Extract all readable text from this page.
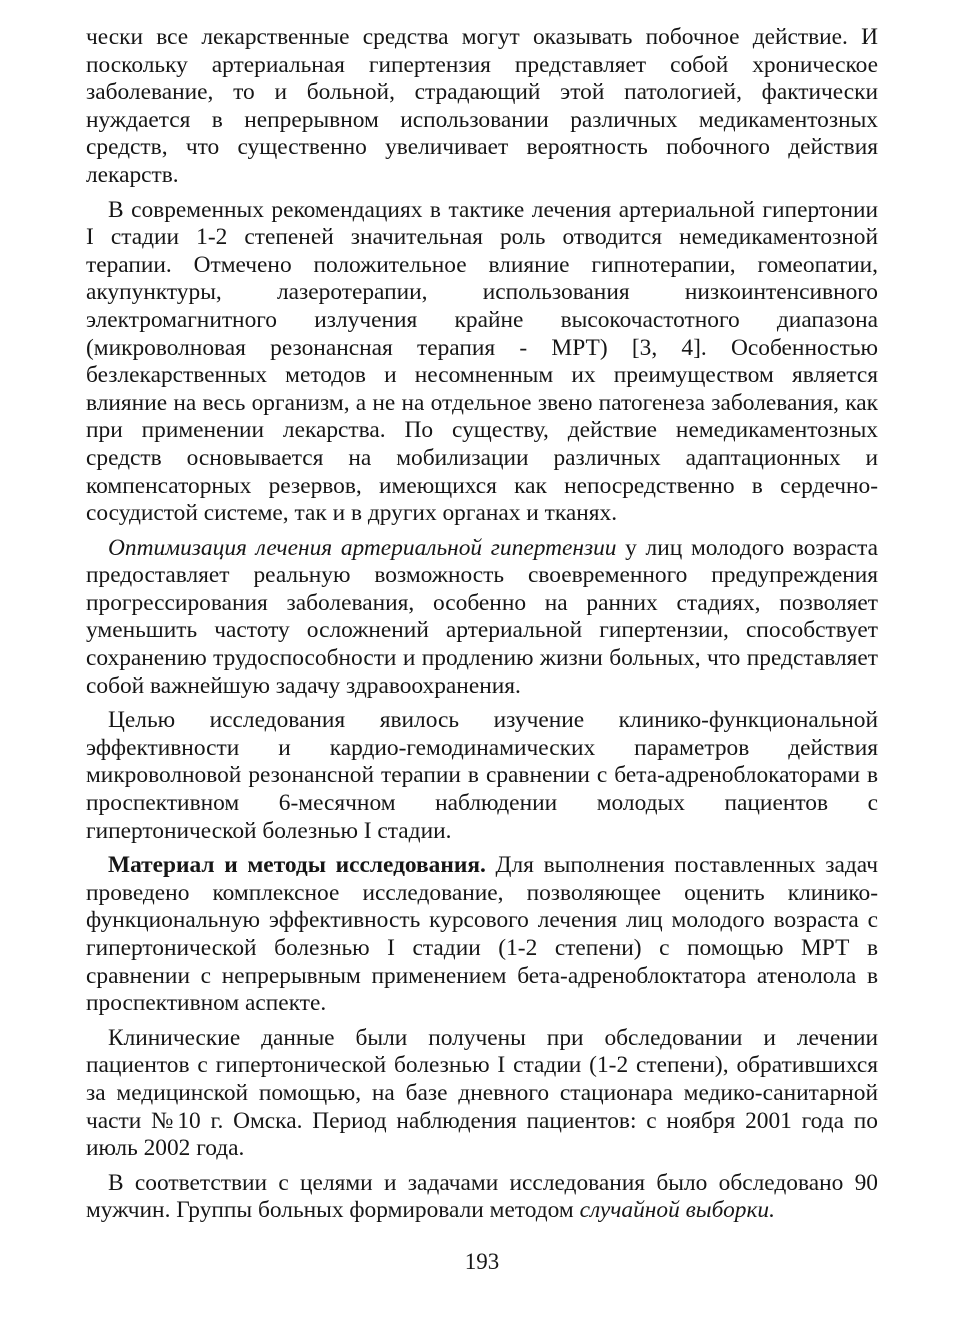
чески все лекарственные средства могут оказывать побочное действие. И поскольку артериальная гипертензия представляет собой хроническое заболевание, то и больной, страдающий этой патологией, фактически нуждается в непрерывном использовании различных медикаментозных средств, что существенно увеличивает вероятность побочного действия лекарств.

В современных рекомендациях в тактике лечения артериальной гипертонии I стадии 1-2 степеней значительная роль отводится немедикаментозной терапии. Отмечено положительное влияние гипнотерапии, гомеопатии, акупунктуры, лазеротерапии, использования низкоинтенсивного электромагнитного излучения крайне высокочастотного диапазона (микроволновая резонансная терапия - МРТ) [3, 4]. Особенностью безлекарственных методов и несомненным их преимуществом является влияние на весь организм, а не на отдельное звено патогенеза заболевания, как при применении лекарства. По существу, действие немедикаментозных средств основывается на мобилизации различных адаптационных и компенсаторных резервов, имеющихся как непосредственно в сердечно-сосудистой системе, так и в других органах и тканях.

Оптимизация лечения артериальной гипертензии у лиц молодого возраста предоставляет реальную возможность своевременного предупреждения прогрессирования заболевания, особенно на ранних стадиях, позволяет уменьшить частоту осложнений артериальной гипертензии, способствует сохранению трудоспособности и продлению жизни больных, что представляет собой важнейшую задачу здравоохранения.

Целью исследования явилось изучение клинико-функциональной эффективности и кардио-гемодинамических параметров действия микроволновой резонансной терапии в сравнении с бета-адреноблокаторами в проспективном 6-месячном наблюдении молодых пациентов с гипертонической болезнью I стадии.

Материал и методы исследования. Для выполнения поставленных задач проведено комплексное исследование, позволяющее оценить клинико-функциональную эффективность курсового лечения лиц молодого возраста с гипертонической болезнью I стадии (1-2 степени) с помощью МРТ в сравнении с непрерывным применением бета-адреноблоктатора атенолола в проспективном аспекте.

Клинические данные были получены при обследовании и лечении пациентов с гипертонической болезнью I стадии (1-2 степени), обратившихся за медицинской помощью, на базе дневного стационара медико-санитарной части №10 г. Омска. Период наблюдения пациентов: с ноября 2001 года по июль 2002 года.

В соответствии с целями и задачами исследования было обследовано 90 мужчин. Группы больных формировали методом случайной выборки.

193
